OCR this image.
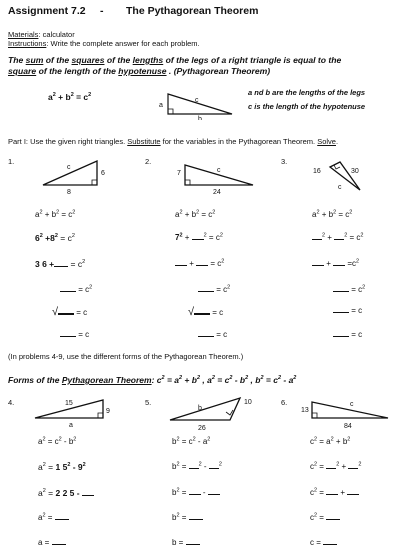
Assignment 7.2 - The Pythagorean Theorem
Materials: calculator
Instructions: Write the complete answer for each problem.
The sum of the squares of the lengths of the legs of a right triangle is equal to the
square of the length of the hypotenuse . (Pythagorean Theorem)
$a^2 + b^2 = c^2$
a
c
b
a nd b are the lengths of the legs
c is the length of the hypotenuse
Part I: Use the given right triangles. Substitute for the variables in the Pythagorean Theorem. Solve.
1.
c
6
8
$a^2 + b^2 = c^2$
$6^2 +8^2 = c^2$
3 6 + = $c^2$
= $c^2$
√ = c
= c
2.
7	c
24
$a^2 + b^2 = c^2$
$7^2 + ^2 = c^2$
+  = $c^2$
= $c^2$
√ = c
= c
3.
16	30
c
$a^2 + b^2 = c^2$
$^2 + ^2 = c^2$
+  $=c^2$
= $c^2$
= c
= c
(In problems 4-9, use the different forms of the Pythagorean Theorem.)
Forms of the Pythagorean Theorem: $c^2 = a^2 + b^2$ , $a^2 = c^2 - b^2$ , $b^2 = c^2 - a^2$
4.	15
9
a
$a^2 = c^2 - b^2$
$a^2 = 1$ $5^2 - 9^2$
$a^2 = 2$ 2 5 -
$a^2$ =
a =
5.
b
10
26
$b^2 = c^2 - a^2$
$b^2 = ^2 - ^2$
$b^2$ =  -
$b^2$ =
b =
6.
13
c
84
$c^2 = a^2 + b^2$
$c^2 = ^2 + ^2$
$c^2$ =  +
$c^2$ =
c =
